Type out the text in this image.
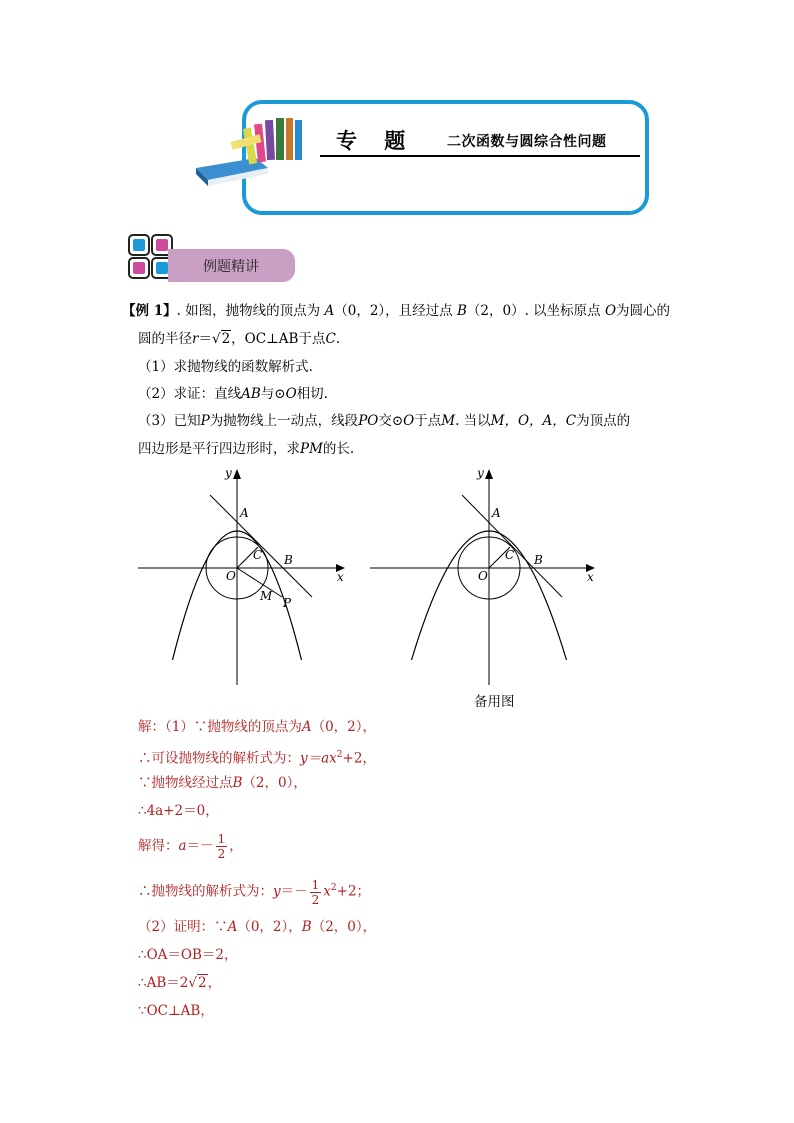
专 题 二次函数与圆综合性问题
例题精讲
【例 1】. 如图，抛物线的顶点为 A（0，2），且经过点 B（2，0）. 以坐标原点 O为圆心的
圆的半径r＝√2，OC⊥AB于点C.
（1）求抛物线的函数解析式.
（2）求证：直线AB与⊙O相切.
（3）已知P为抛物线上一动点，线段PO交⊙O于点M. 当以M，O，A，C为顶点的
四边形是平行四边形时，求PM的长.
y
x
A
B
C
O
M P
y
x
A
B
C
O
备用图
解：（1）∵抛物线的顶点为A（0，2），
∴可设抛物线的解析式为：$y=ax^2+2$，
∵抛物线经过点B（2，0），
∴4a+2＝0，
解得：$a=- \frac{1}{2}$ ，
∴抛物线的解析式为：$y=- \frac{1}{2} x^2+2$；
（2）证明：∵A（0，2），B（2，0），
∴OA＝OB＝2，
∴AB＝2√2，
∵OC⊥AB，
